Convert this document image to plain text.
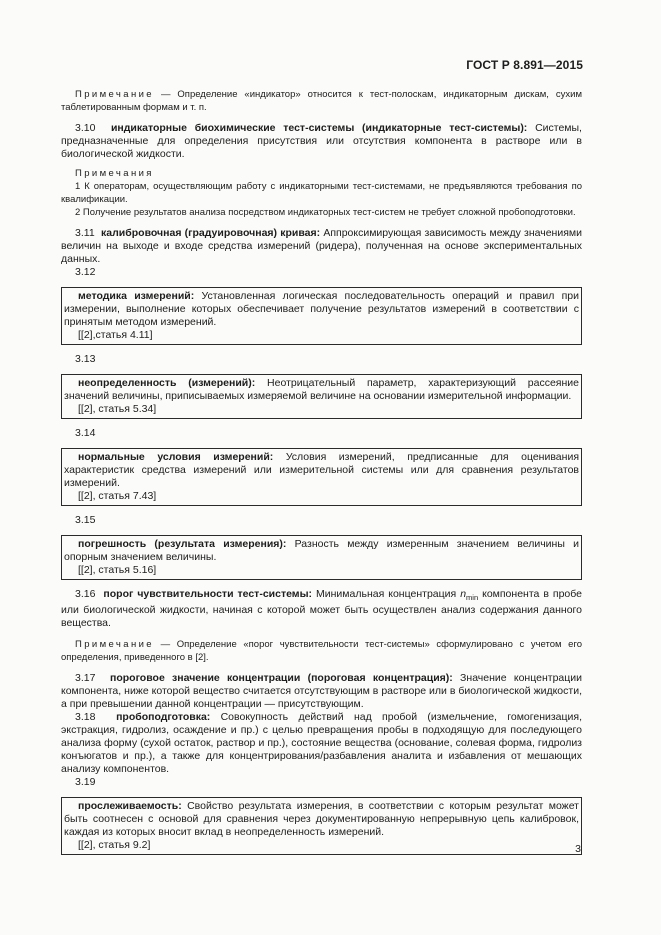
ГОСТ Р 8.891—2015

Примечание — Определение «индикатор» относится к тест-полоскам, индикаторным дискам, сухим таблетированным формам и т. п.

3.10 индикаторные биохимические тест-системы (индикаторные тест-системы): Системы, предназначенные для определения присутствия или отсутствия компонента в растворе или в биологической жидкости.

Примечания

1 К операторам, осуществляющим работу с индикаторными тест-системами, не предъявляются требования по квалификации.

2 Получение результатов анализа посредством индикаторных тест-систем не требует сложной пробоподготовки.

3.11 калибровочная (градуировочная) кривая: Аппроксимирующая зависимость между значениями величин на выходе и входе средства измерений (ридера), полученная на основе экспериментальных данных.

3.12

методика измерений: Установленная логическая последовательность операций и правил при измерении, выполнение которых обеспечивает получение результатов измерений в соответствии с принятым методом измерений.

[[2],статья 4.11]

3.13

неопределенность (измерений): Неотрицательный параметр, характеризующий рассеяние значений величины, приписываемых измеряемой величине на основании измерительной информации.

[[2], статья 5.34]

3.14

нормальные условия измерений: Условия измерений, предписанные для оценивания характеристик средства измерений или измерительной системы или для сравнения результатов измерений.

[[2], статья 7.43]

3.15

погрешность (результата измерения): Разность между измеренным значением величины и опорным значением величины.

[[2], статья 5.16]

3.16 порог чувствительности тест-системы: Минимальная концентрация $n_{min}$ компонента в пробе или биологической жидкости, начиная с которой может быть осуществлен анализ содержания данного вещества.

Примечание — Определение «порог чувствительности тест-системы» сформулировано с учетом его определения, приведенного в [2].

3.17 пороговое значение концентрации (пороговая концентрация): Значение концентрации компонента, ниже которой вещество считается отсутствующим в растворе или в биологической жидкости, а при превышении данной концентрации — присутствующим.

3.18 пробоподготовка: Совокупность действий над пробой (измельчение, гомогенизация, экстракция, гидролиз, осаждение и пр.) с целью превращения пробы в подходящую для последующего анализа форму (сухой остаток, раствор и пр.), состояние вещества (основание, солевая форма, гидролиз конъюгатов и пр.), а также для концентрирования/разбавления аналита и избавления от мешающих анализу компонентов.

3.19

прослеживаемость: Свойство результата измерения, в соответствии с которым результат может быть соотнесен с основой для сравнения через документированную непрерывную цепь калибровок, каждая из которых вносит вклад в неопределенность измерений.

[[2], статья 9.2]	3
